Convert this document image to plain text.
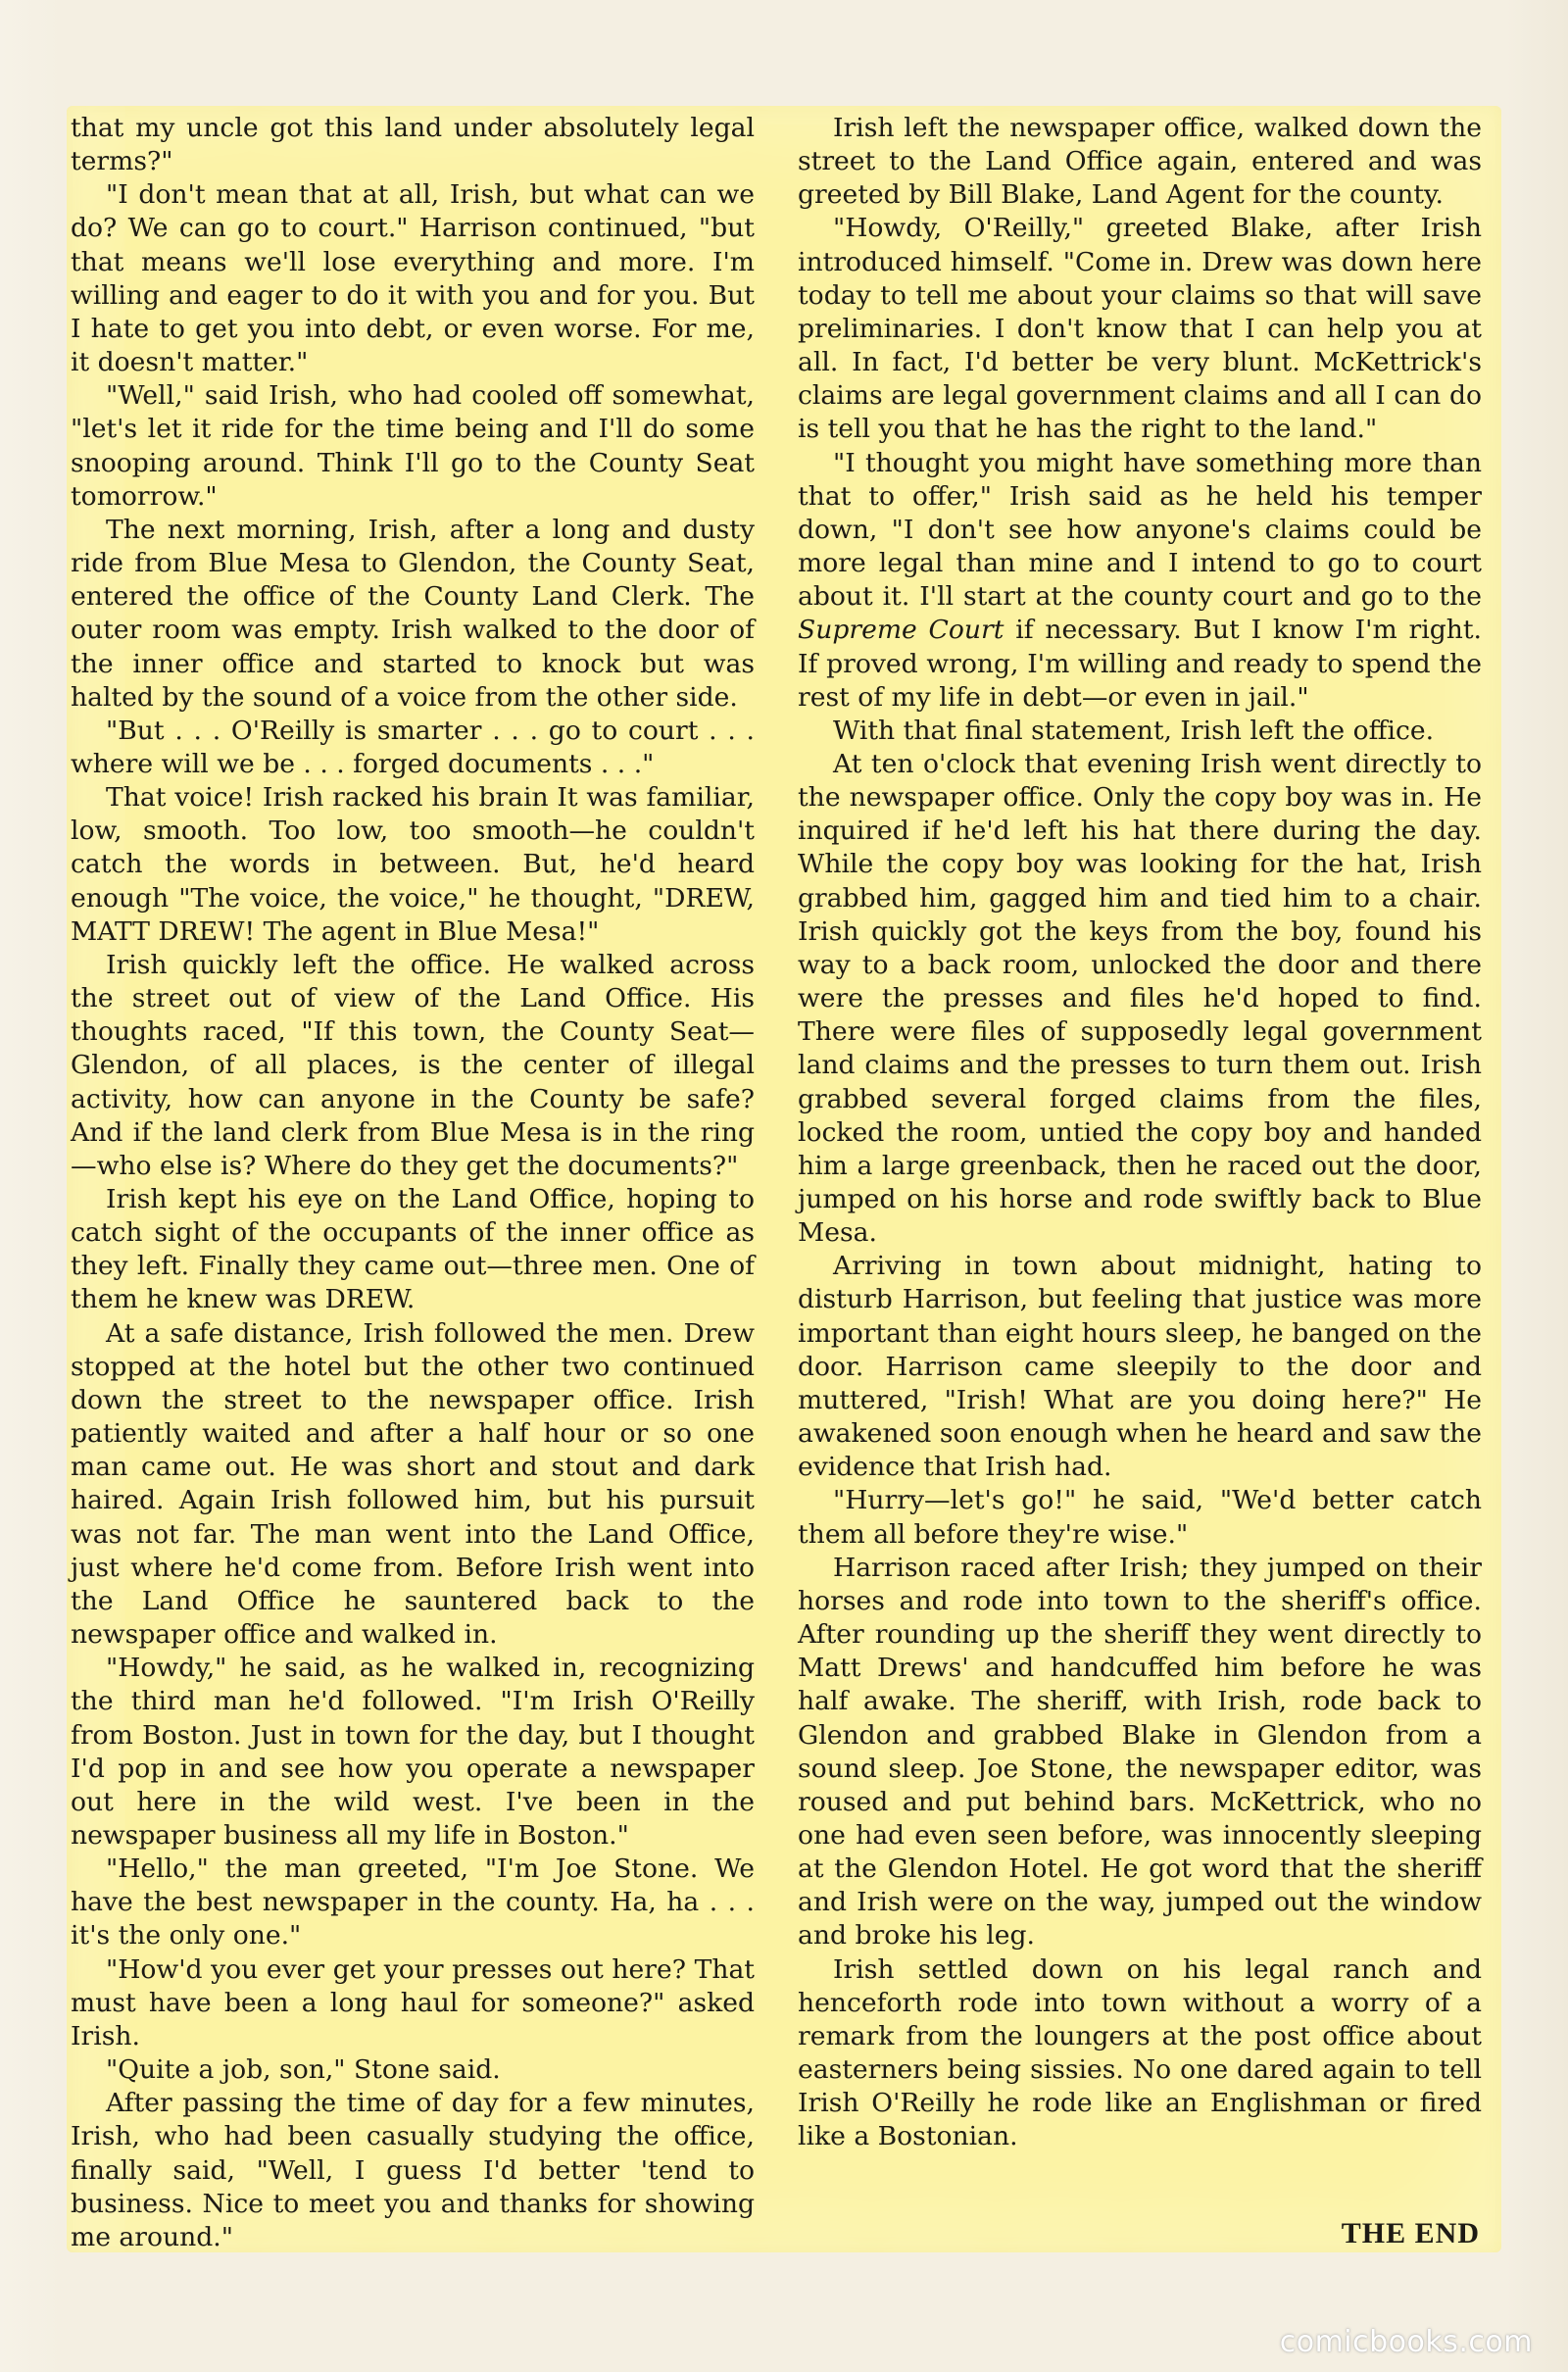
that my uncle got this land under absolutely legal terms?"

"I don't mean that at all, Irish, but what can we do? We can go to court." Harrison continued, "but that means we'll lose everything and more. I'm willing and eager to do it with you and for you. But I hate to get you into debt, or even worse. For me, it doesn't matter."

"Well," said Irish, who had cooled off somewhat, "let's let it ride for the time being and I'll do some snooping around. Think I'll go to the County Seat tomorrow."

The next morning, Irish, after a long and dusty ride from Blue Mesa to Glendon, the County Seat, entered the office of the County Land Clerk. The outer room was empty. Irish walked to the door of the inner office and started to knock but was halted by the sound of a voice from the other side.

"But . . . O'Reilly is smarter . . . go to court . . . where will we be . . . forged documents . . ."

That voice! Irish racked his brain It was familiar, low, smooth. Too low, too smooth—he couldn't catch the words in between. But, he'd heard enough "The voice, the voice," he thought, "DREW, MATT DREW! The agent in Blue Mesa!"

Irish quickly left the office. He walked across the street out of view of the Land Office. His thoughts raced, "If this town, the County Seat—Glendon, of all places, is the center of illegal activity, how can anyone in the County be safe? And if the land clerk from Blue Mesa is in the ring—who else is? Where do they get the documents?"

Irish kept his eye on the Land Office, hoping to catch sight of the occupants of the inner office as they left. Finally they came out—three men. One of them he knew was DREW.

At a safe distance, Irish followed the men. Drew stopped at the hotel but the other two continued down the street to the newspaper office. Irish patiently waited and after a half hour or so one man came out. He was short and stout and dark haired. Again Irish followed him, but his pursuit was not far. The man went into the Land Office, just where he'd come from. Before Irish went into the Land Office he sauntered back to the newspaper office and walked in.

"Howdy," he said, as he walked in, recognizing the third man he'd followed. "I'm Irish O'Reilly from Boston. Just in town for the day, but I thought I'd pop in and see how you operate a newspaper out here in the wild west. I've been in the newspaper business all my life in Boston."

"Hello," the man greeted, "I'm Joe Stone. We have the best newspaper in the county. Ha, ha . . . it's the only one."

"How'd you ever get your presses out here? That must have been a long haul for someone?" asked Irish.

"Quite a job, son," Stone said.

After passing the time of day for a few minutes, Irish, who had been casually studying the office, finally said, "Well, I guess I'd better 'tend to business. Nice to meet you and thanks for showing me around."

Irish left the newspaper office, walked down the street to the Land Office again, entered and was greeted by Bill Blake, Land Agent for the county.

"Howdy, O'Reilly," greeted Blake, after Irish introduced himself. "Come in. Drew was down here today to tell me about your claims so that will save preliminaries. I don't know that I can help you at all. In fact, I'd better be very blunt. McKettrick's claims are legal government claims and all I can do is tell you that he has the right to the land."

"I thought you might have something more than that to offer," Irish said as he held his temper down, "I don't see how anyone's claims could be more legal than mine and I intend to go to court about it. I'll start at the county court and go to the Supreme Court if necessary. But I know I'm right. If proved wrong, I'm willing and ready to spend the rest of my life in debt—or even in jail."

With that final statement, Irish left the office.

At ten o'clock that evening Irish went directly to the newspaper office. Only the copy boy was in. He inquired if he'd left his hat there during the day. While the copy boy was looking for the hat, Irish grabbed him, gagged him and tied him to a chair. Irish quickly got the keys from the boy, found his way to a back room, unlocked the door and there were the presses and files he'd hoped to find. There were files of supposedly legal government land claims and the presses to turn them out. Irish grabbed several forged claims from the files, locked the room, untied the copy boy and handed him a large greenback, then he raced out the door, jumped on his horse and rode swiftly back to Blue Mesa.

Arriving in town about midnight, hating to disturb Harrison, but feeling that justice was more important than eight hours sleep, he banged on the door. Harrison came sleepily to the door and muttered, "Irish! What are you doing here?" He awakened soon enough when he heard and saw the evidence that Irish had.

"Hurry—let's go!" he said, "We'd better catch them all before they're wise."

Harrison raced after Irish; they jumped on their horses and rode into town to the sheriff's office. After rounding up the sheriff they went directly to Matt Drews' and handcuffed him before he was half awake. The sheriff, with Irish, rode back to Glendon and grabbed Blake in Glendon from a sound sleep. Joe Stone, the newspaper editor, was roused and put behind bars. McKettrick, who no one had even seen before, was innocently sleeping at the Glendon Hotel. He got word that the sheriff and Irish were on the way, jumped out the window and broke his leg.

Irish settled down on his legal ranch and henceforth rode into town without a worry of a remark from the loungers at the post office about easterners being sissies. No one dared again to tell Irish O'Reilly he rode like an Englishman or fired like a Bostonian.

THE END
comicbooks.com
